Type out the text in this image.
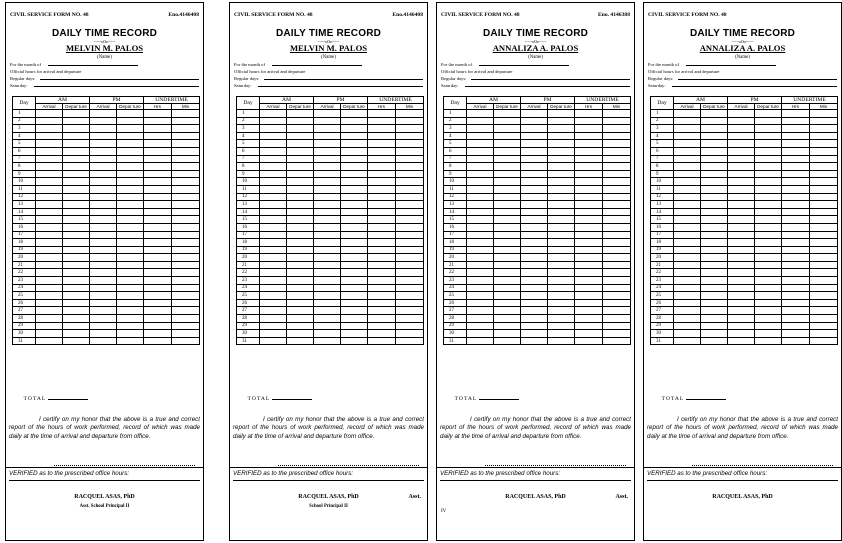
CIVIL SERVICE FORM NO. 48	Eno.4146408
DAILY TIME RECORD
-----o0o-----
MELVIN M. PALOS
(Name)
For the month of
Official hours for arrival and departure
Regular days:
Saturday:
Day	AM		PM		UNDERTIME	
	Arrival	Depar ture	Arrival	Depar ture	Hrs	Min
1						
2						
3						
4						
5						
6						
7						
8						
9						
10						
11						
12						
13						
14						
15						
16						
17						
18						
19						
20						
21						
22						
23						
24						
25						
26						
27						
28						
29						
30						
31						
TOTAL
I certify on my honor that the above is a true and correct report of the hours of work performed, record of which was made daily at the time of arrival and departure from office.
VERIFIED as to the prescribed office hours:
RACQUEL ASAS, PhD
Asst. School Principal II
CIVIL SERVICE FORM NO. 48	Eno.4146408
DAILY TIME RECORD
-----o0o-----
MELVIN M. PALOS
(Name)
For the month of
Official hours for arrival and departure
Regular days:
Saturday:
Day	AM		PM		UNDERTIME	
	Arrival	Depar ture	Arrival	Depar ture	Hrs	Min
1						
2						
3						
4						
5						
6						
7						
8						
9						
10						
11						
12						
13						
14						
15						
16						
17						
18						
19						
20						
21						
22						
23						
24						
25						
26						
27						
28						
29						
30						
31						
TOTAL
I certify on my honor that the above is a true and correct report of the hours of work performed, record of which was made daily at the time of arrival and departure from office.
VERIFIED as to the prescribed office hours:
RACQUEL ASAS, PhD	Asst.
School Principal II
CIVIL SERVICE FORM NO. 48	Eno. 4146388
DAILY TIME RECORD
-----o0o-----
ANNALIZA A. PALOS
(Name)
For the month of
Official hours for arrival and departure
Regular days:
Saturday:
Day	AM		PM		UNDERTIME	
	Arrival	Depar ture	Arrival	Depar ture	Hrs	Min
1						
2						
3						
4						
5						
6						
7						
8						
9						
10						
11						
12						
13						
14						
15						
16						
17						
18						
19						
20						
21						
22						
23						
24						
25						
26						
27						
28						
29						
30						
31						
TOTAL
I certify on my honor that the above is a true and correct report of the hours of work performed, record of which was made daily at the time of arrival and departure from office.
VERIFIED as to the prescribed office hours:
RACQUEL ASAS, PhD	Asst.
IV
CIVIL SERVICE FORM NO. 48
DAILY TIME RECORD
-----o0o-----
ANNALIZA A. PALOS
(Name)
For the month of
Official hours for arrival and departure
Regular days:
Saturday:
Day	AM		PM		UNDERTIME	
	Arrival	Depar ture	Arrival	Depar ture	Hrs	Min
1						
2						
3						
4						
5						
6						
7						
8						
9						
10						
11						
12						
13						
14						
15						
16						
17						
18						
19						
20						
21						
22						
23						
24						
25						
26						
27						
28						
29						
30						
31						
TOTAL
I certify on my honor that the above is a true and correct report of the hours of work performed, record of which was made daily at the time of arrival and departure from office.
VERIFIED as to the prescribed office hours:
RACQUEL ASAS, PhD
